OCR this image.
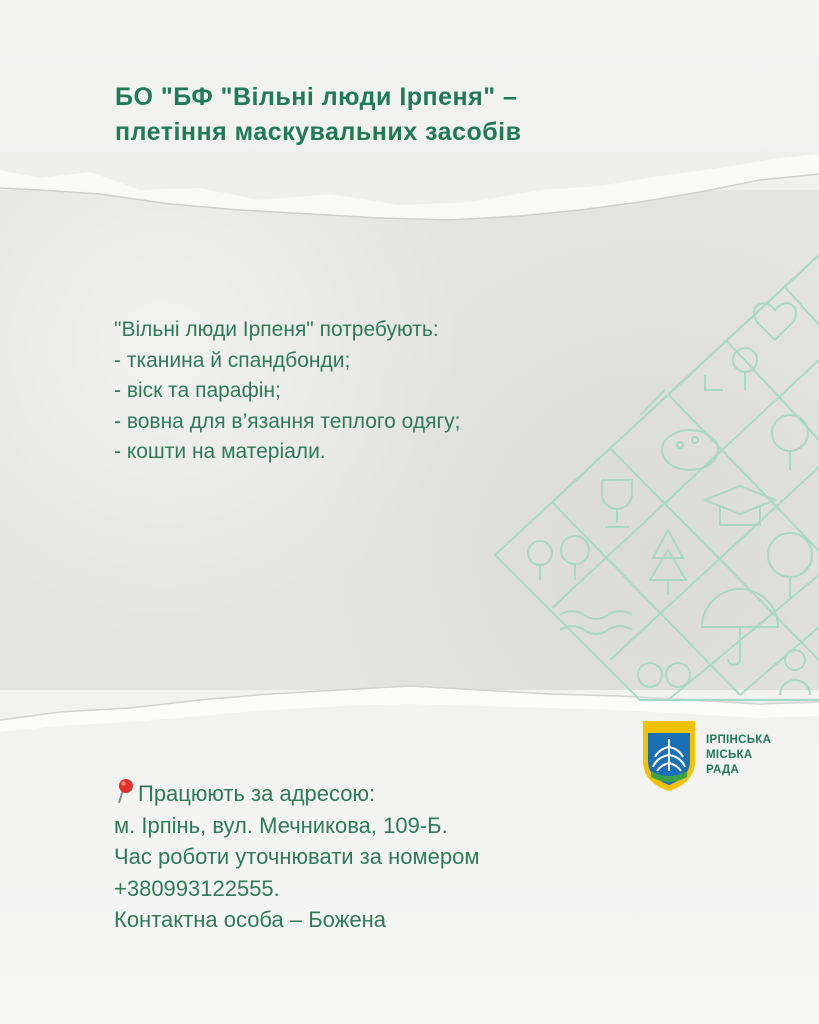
БО "БФ "Вільні люди Ірпеня" –
плетіння маскувальних засобів
"Вільні люди Ірпеня" потребують:
- тканина й спандбонди;
- віск та парафін;
- вовна для в’язання теплого одягу;
- кошти на матеріали.
ІРПІНСЬКА
МІСЬКА
РАДА
Працюють за адресою:
м. Ірпінь, вул. Мечникова, 109-Б.
Час роботи уточнювати за номером
+380993122555.
Контактна особа – Божена
